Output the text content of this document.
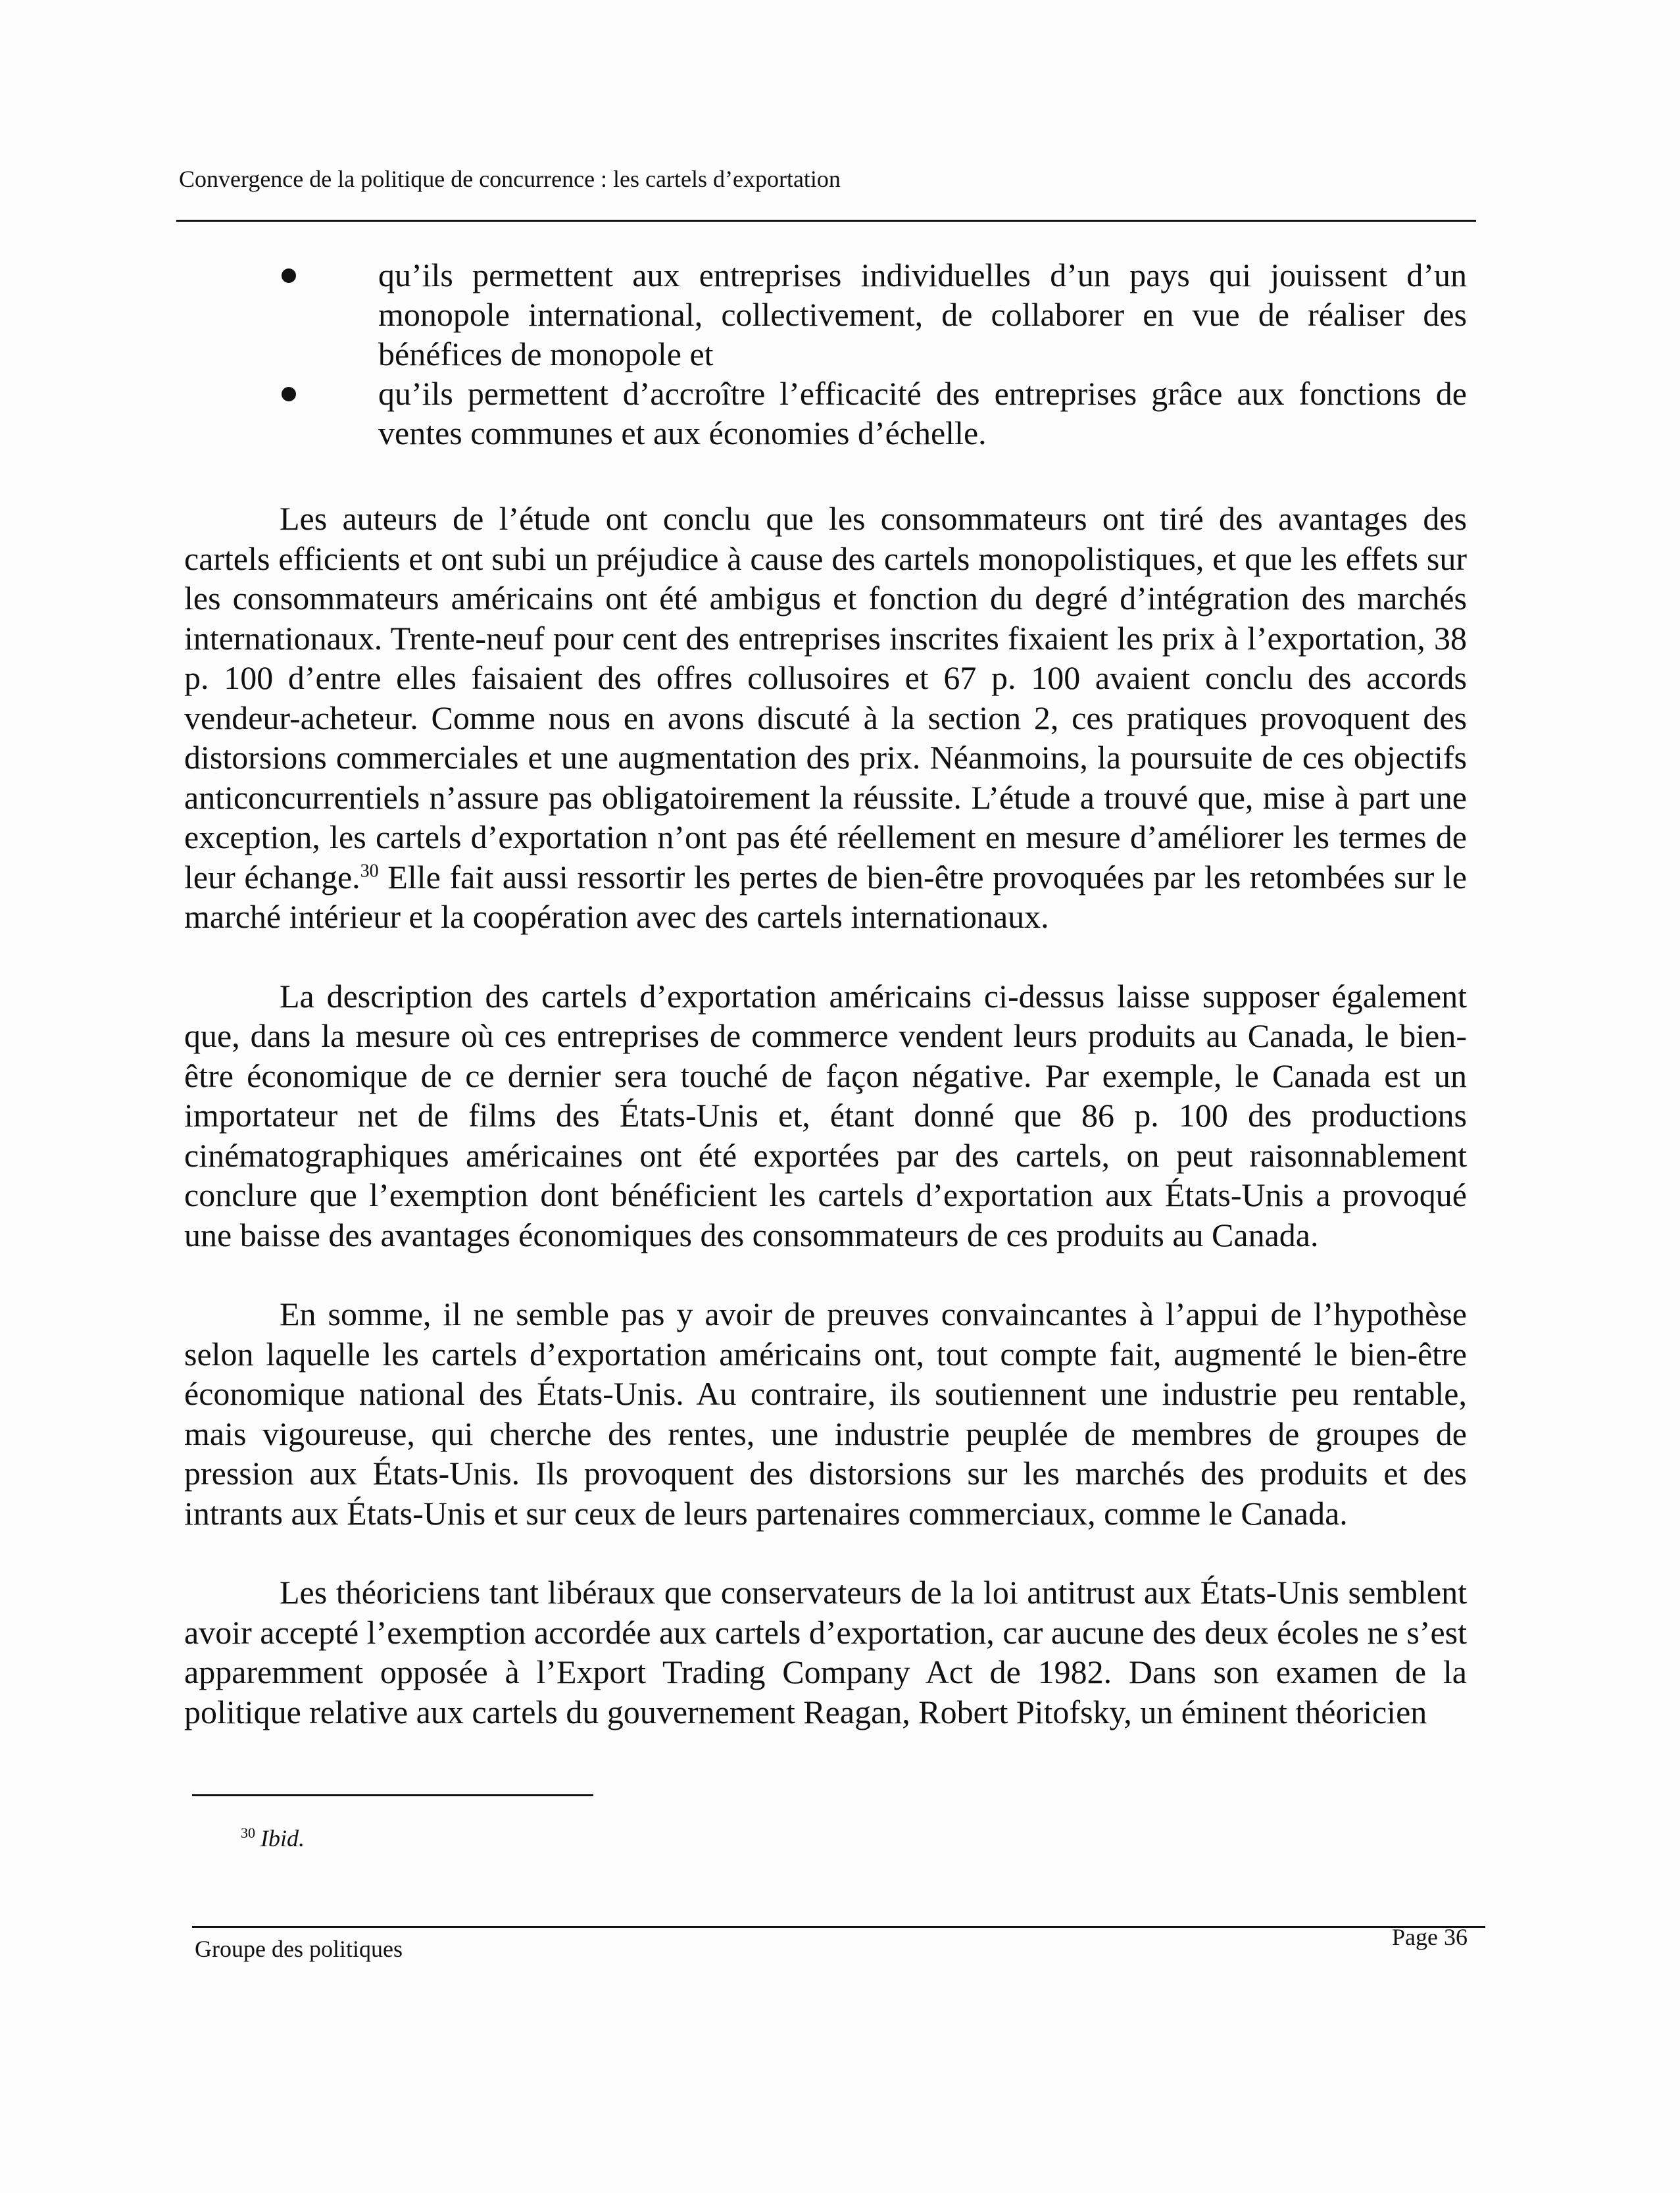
Convergence de la politique de concurrence : les cartels d’exportation
qu’ils permettent aux entreprises individuelles d’un pays qui jouissent d’un monopole international, collectivement, de collaborer en vue de réaliser des bénéfices de monopole et
qu’ils permettent d’accroître l’efficacité des entreprises grâce aux fonctions de ventes communes et aux économies d’échelle.

Les auteurs de l’étude ont conclu que les consommateurs ont tiré des avantages des cartels efficients et ont subi un préjudice à cause des cartels monopolistiques, et que les effets sur les consommateurs américains ont été ambigus et fonction du degré d’intégration des marchés internationaux. Trente-neuf pour cent des entreprises inscrites fixaient les prix à l’exportation, 38 p. 100 d’entre elles faisaient des offres collusoires et 67 p. 100 avaient conclu des accords vendeur-acheteur. Comme nous en avons discuté à la section 2, ces pratiques provoquent des distorsions commerciales et une augmentation des prix. Néanmoins, la poursuite de ces objectifs anticoncurrentiels n’assure pas obligatoirement la réussite. L’étude a trouvé que, mise à part une exception, les cartels d’exportation n’ont pas été réellement en mesure d’améliorer les termes de leur échange.$^{30}$ Elle fait aussi ressortir les pertes de bien-être provoquées par les retombées sur le marché intérieur et la coopération avec des cartels internationaux.

La description des cartels d’exportation américains ci-dessus laisse supposer également que, dans la mesure où ces entreprises de commerce vendent leurs produits au Canada, le bien-être économique de ce dernier sera touché de façon négative. Par exemple, le Canada est un importateur net de films des États-Unis et, étant donné que 86 p. 100 des productions cinématographiques américaines ont été exportées par des cartels, on peut raisonnablement conclure que l’exemption dont bénéficient les cartels d’exportation aux États-Unis a provoqué une baisse des avantages économiques des consommateurs de ces produits au Canada.

En somme, il ne semble pas y avoir de preuves convaincantes à l’appui de l’hypothèse selon laquelle les cartels d’exportation américains ont, tout compte fait, augmenté le bien-être économique national des États-Unis. Au contraire, ils soutiennent une industrie peu rentable, mais vigoureuse, qui cherche des rentes, une industrie peuplée de membres de groupes de pression aux États-Unis. Ils provoquent des distorsions sur les marchés des produits et des intrants aux États-Unis et sur ceux de leurs partenaires commerciaux, comme le Canada.

Les théoriciens tant libéraux que conservateurs de la loi antitrust aux États-Unis semblent avoir accepté l’exemption accordée aux cartels d’exportation, car aucune des deux écoles ne s’est apparemment opposée à l’Export Trading Company Act de 1982. Dans son examen de la politique relative aux cartels du gouvernement Reagan, Robert Pitofsky, un éminent théoricien

$^{30}$ Ibid.
Groupe des politiques	Page 36
